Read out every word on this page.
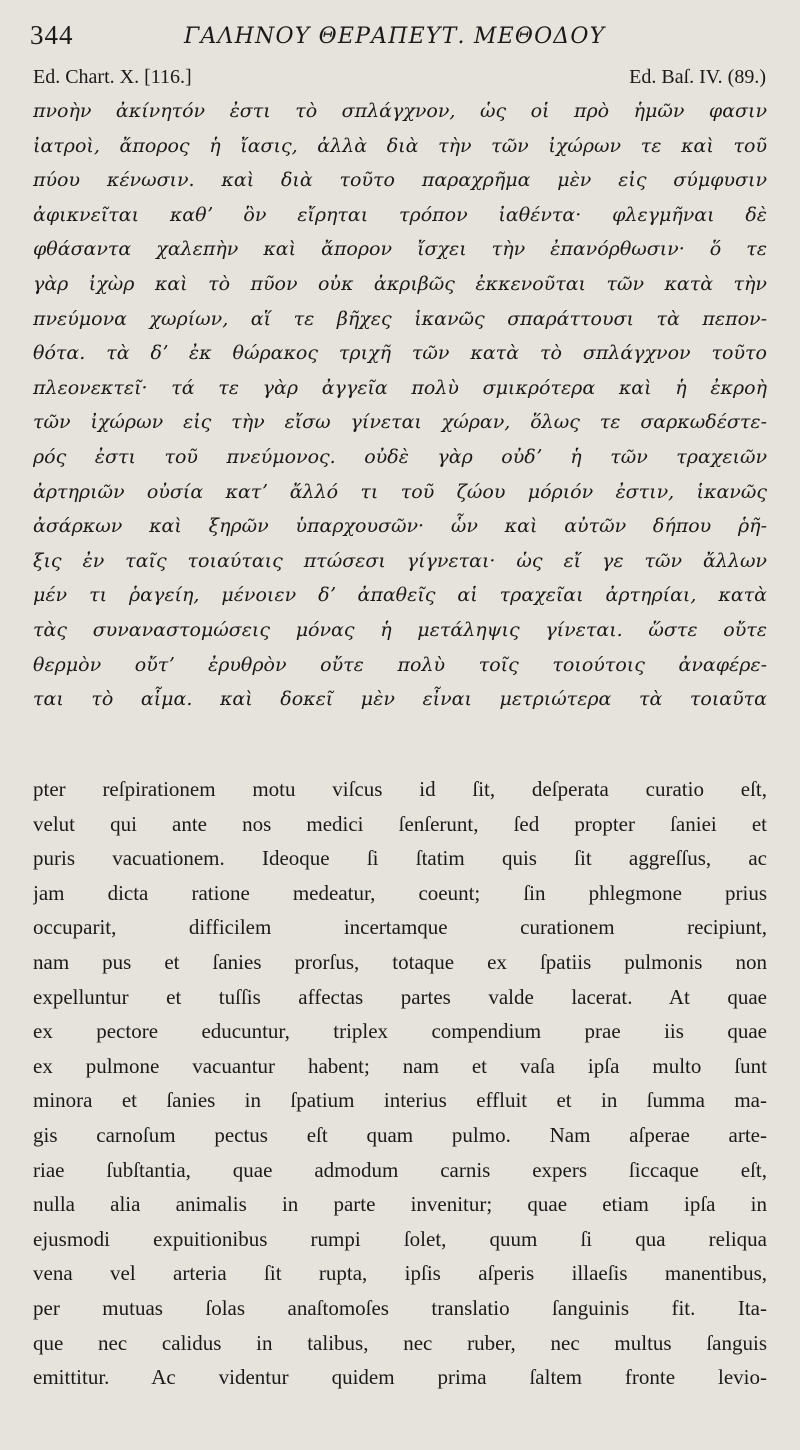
344	ΓΑΛΗΝΟΥ ΘΕΡΑΠΕΥΤ. ΜΕΘΟΔΟΥ
Ed. Chart. X. [116.]	Ed. Baſ. IV. (89.)
πνοὴν ἀκίνητόν ἐστι τὸ σπλάγχνον, ὡς οἱ πρὸ ἡμῶν φασιν
ἰατροὶ, ἄπορος ἡ ἴασις, ἀλλὰ διὰ τὴν τῶν ἰχώρων τε καὶ τοῦ
πύου κένωσιν. καὶ διὰ τοῦτο παραχρῆμα μὲν εἰς σύμφυσιν
ἀφικνεῖται καθʼ ὃν εἴρηται τρόπον ἰαθέντα· φλεγμῆναι δὲ
φθάσαντα χαλεπὴν καὶ ἄπορον ἴσχει τὴν ἐπανόρθωσιν· ὅ τε
γὰρ ἰχὼρ καὶ τὸ πῦον οὐκ ἀκριβῶς ἐκκενοῦται τῶν κατὰ τὴν
πνεύμονα χωρίων, αἵ τε βῆχες ἱκανῶς σπαράττουσι τὰ πεπον-
θότα. τὰ δʼ ἐκ θώρακος τριχῆ τῶν κατὰ τὸ σπλάγχνον τοῦτο
πλεονεκτεῖ· τά τε γὰρ ἀγγεῖα πολὺ σμικρότερα καὶ ἡ ἐκροὴ
τῶν ἰχώρων εἰς τὴν εἴσω γίνεται χώραν, ὅλως τε σαρκωδέστε-
ρός ἐστι τοῦ πνεύμονος. οὐδὲ γὰρ οὐδʼ ἡ τῶν τραχειῶν
ἀρτηριῶν οὐσία κατʼ ἄλλό τι τοῦ ζώου μόριόν ἐστιν, ἱκανῶς
ἀσάρκων καὶ ξηρῶν ὑπαρχουσῶν· ὧν καὶ αὐτῶν δήπου ῥῆ-
ξις ἐν ταῖς τοιαύταις πτώσεσι γίγνεται· ὡς εἴ γε τῶν ἄλλων
μέν τι ῥαγείη, μένοιεν δʼ ἀπαθεῖς αἱ τραχεῖαι ἀρτηρίαι, κατὰ
τὰς συναναστομώσεις μόνας ἡ μετάληψις γίνεται. ὥστε οὔτε
θερμὸν οὔτʼ ἐρυθρὸν οὔτε πολὺ τοῖς τοιούτοις ἀναφέρε-
ται τὸ αἷμα. καὶ δοκεῖ μὲν εἶναι μετριώτερα τὰ τοιαῦτα
pter reſpirationem motu viſcus id ſit, deſperata curatio eſt,
velut qui ante nos medici ſenſerunt, ſed propter ſaniei et
puris vacuationem. Ideoque ſi ſtatim quis ſit aggreſſus, ac
jam dicta ratione medeatur, coeunt; ſin phlegmone prius
occuparit, difficilem incertamque curationem recipiunt,
nam pus et ſanies prorſus, totaque ex ſpatiis pulmonis non
expelluntur et tuſſis affectas partes valde lacerat. At quae
ex pectore educuntur, triplex compendium prae iis quae
ex pulmone vacuantur habent; nam et vaſa ipſa multo ſunt
minora et ſanies in ſpatium interius effluit et in ſumma ma-
gis carnoſum pectus eſt quam pulmo. Nam aſperae arte-
riae ſubſtantia, quae admodum carnis expers ſiccaque eſt,
nulla alia animalis in parte invenitur; quae etiam ipſa in
ejusmodi expuitionibus rumpi ſolet, quum ſi qua reliqua
vena vel arteria ſit rupta, ipſis aſperis illaeſis manentibus,
per mutuas ſolas anaſtomoſes translatio ſanguinis fit. Ita-
que nec calidus in talibus, nec ruber, nec multus ſanguis
emittitur. Ac videntur quidem prima ſaltem fronte levio-
